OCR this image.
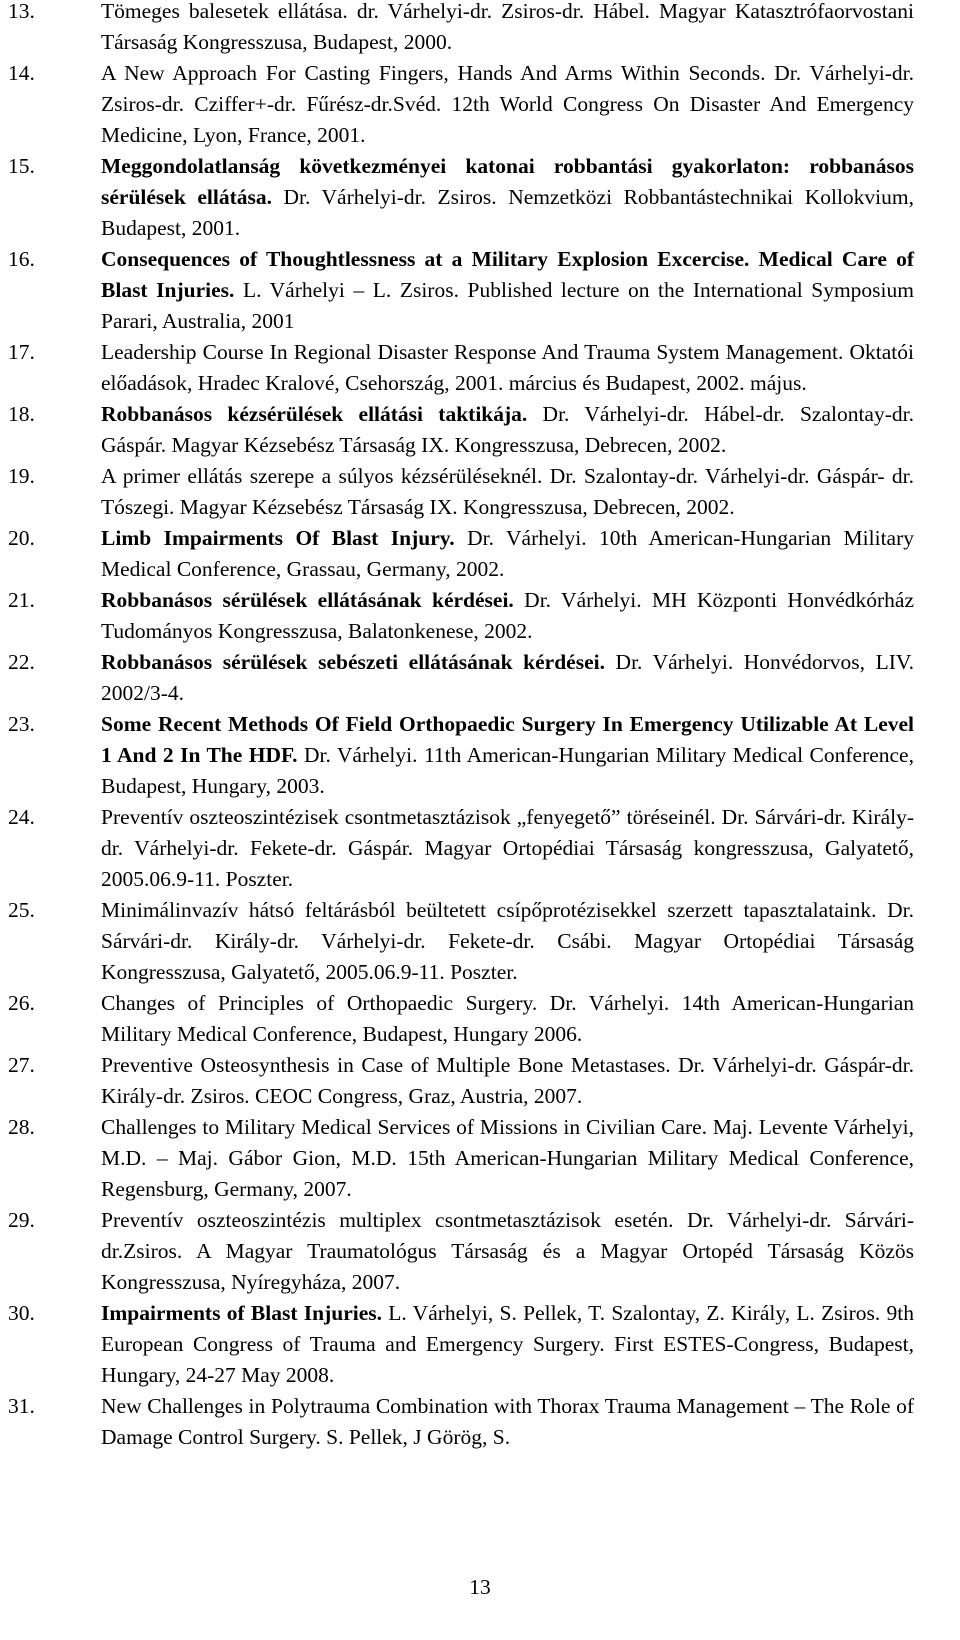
13.	Tömeges balesetek ellátása. dr. Várhelyi-dr. Zsiros-dr. Hábel. Magyar Katasztrófaorvostani Társaság Kongresszusa, Budapest, 2000.
14.	A New Approach For Casting Fingers, Hands And Arms Within Seconds. Dr. Várhelyi-dr. Zsiros-dr. Cziffer+-dr. Fűrész-dr.Svéd. 12th World Congress On Disaster And Emergency Medicine, Lyon, France, 2001.
15.	Meggondolatlanság következményei katonai robbantási gyakorlaton: robbanásos sérülések ellátása. Dr. Várhelyi-dr. Zsiros. Nemzetközi Robbantástechnikai Kollokvium, Budapest, 2001.
16.	Consequences of Thoughtlessness at a Military Explosion Excercise. Medical Care of Blast Injuries. L. Várhelyi – L. Zsiros. Published lecture on the International Symposium Parari, Australia, 2001
17.	Leadership Course In Regional Disaster Response And Trauma System Management. Oktatói előadások, Hradec Kralové, Csehország, 2001. március és Budapest, 2002. május.
18.	Robbanásos kézsérülések ellátási taktikája. Dr. Várhelyi-dr. Hábel-dr. Szalontay-dr. Gáspár. Magyar Kézsebész Társaság IX. Kongresszusa, Debrecen, 2002.
19.	A primer ellátás szerepe a súlyos kézsérüléseknél. Dr. Szalontay-dr. Várhelyi-dr. Gáspár- dr. Tószegi. Magyar Kézsebész Társaság IX. Kongresszusa, Debrecen, 2002.
20.	Limb Impairments Of Blast Injury. Dr. Várhelyi. 10th American-Hungarian Military Medical Conference, Grassau, Germany, 2002.
21.	Robbanásos sérülések ellátásának kérdései. Dr. Várhelyi. MH Központi Honvédkórház Tudományos Kongresszusa, Balatonkenese, 2002.
22.	Robbanásos sérülések sebészeti ellátásának kérdései. Dr. Várhelyi. Honvédorvos, LIV. 2002/3-4.
23.	Some Recent Methods Of Field Orthopaedic Surgery In Emergency Utilizable At Level 1 And 2 In The HDF. Dr. Várhelyi. 11th American-Hungarian Military Medical Conference, Budapest, Hungary, 2003.
24.	Preventív oszteoszintézisek csontmetasztázisok „fenyegető” töréseinél. Dr. Sárvári-dr. Király-dr. Várhelyi-dr. Fekete-dr. Gáspár. Magyar Ortopédiai Társaság kongresszusa, Galyatető, 2005.06.9-11. Poszter.
25.	Minimálinvazív hátsó feltárásból beültetett csípőprotézisekkel szerzett tapasztalataink. Dr. Sárvári-dr. Király-dr. Várhelyi-dr. Fekete-dr. Csábi. Magyar Ortopédiai Társaság Kongresszusa, Galyatető, 2005.06.9-11. Poszter.
26.	Changes of Principles of Orthopaedic Surgery. Dr. Várhelyi. 14th American-Hungarian Military Medical Conference, Budapest, Hungary 2006.
27.	Preventive Osteosynthesis in Case of Multiple Bone Metastases. Dr. Várhelyi-dr. Gáspár-dr. Király-dr. Zsiros. CEOC Congress, Graz, Austria, 2007.
28.	Challenges to Military Medical Services of Missions in Civilian Care. Maj. Levente Várhelyi, M.D. – Maj. Gábor Gion, M.D. 15th American-Hungarian Military Medical Conference, Regensburg, Germany, 2007.
29.	Preventív oszteoszintézis multiplex csontmetasztázisok esetén. Dr. Várhelyi-dr. Sárvári-dr.Zsiros. A Magyar Traumatológus Társaság és a Magyar Ortopéd Társaság Közös Kongresszusa, Nyíregyháza, 2007.
30.	Impairments of Blast Injuries. L. Várhelyi, S. Pellek, T. Szalontay, Z. Király, L. Zsiros. 9th European Congress of Trauma and Emergency Surgery. First ESTES-Congress, Budapest, Hungary, 24-27 May 2008.
31.	New Challenges in Polytrauma Combination with Thorax Trauma Management – The Role of Damage Control Surgery. S. Pellek, J Görög, S.
13
